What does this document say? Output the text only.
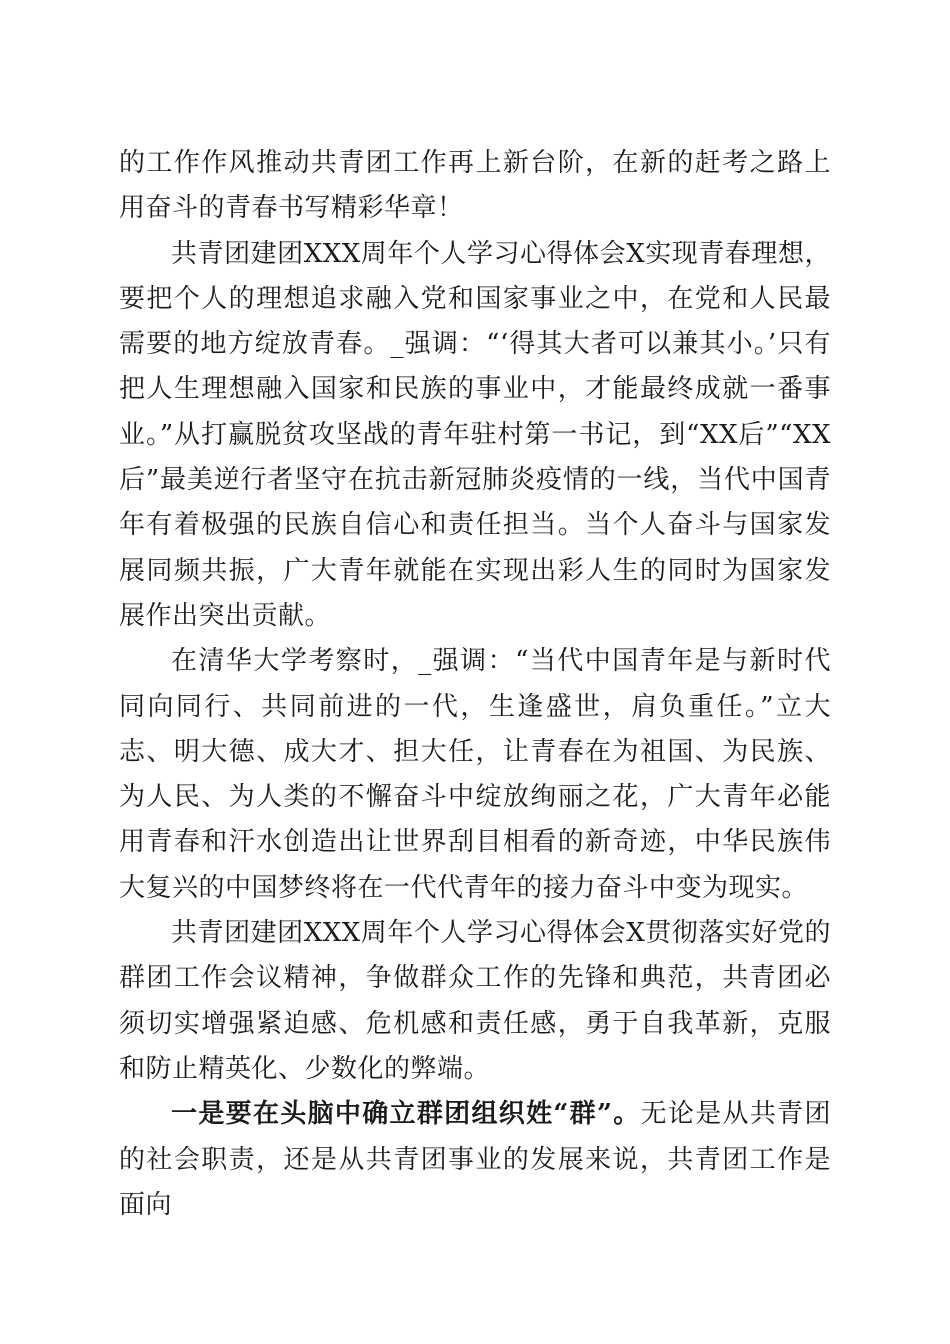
的工作作风推动共青团工作再上新台阶，在新的赶考之路上用奋斗的青春书写精彩华章！

共青团建团XXX周年个人学习心得体会X实现青春理想，要把个人的理想追求融入党和国家事业之中，在党和人民最需要的地方绽放青春。_强调：“‘得其大者可以兼其小。’只有把人生理想融入国家和民族的事业中，才能最终成就一番事业。”从打赢脱贫攻坚战的青年驻村第一书记，到“XX后”“XX后”最美逆行者坚守在抗击新冠肺炎疫情的一线，当代中国青年有着极强的民族自信心和责任担当。当个人奋斗与国家发展同频共振，广大青年就能在实现出彩人生的同时为国家发展作出突出贡献。

在清华大学考察时，_强调：“当代中国青年是与新时代同向同行、共同前进的一代，生逢盛世，肩负重任。”立大志、明大德、成大才、担大任，让青春在为祖国、为民族、为人民、为人类的不懈奋斗中绽放绚丽之花，广大青年必能用青春和汗水创造出让世界刮目相看的新奇迹，中华民族伟大复兴的中国梦终将在一代代青年的接力奋斗中变为现实。

共青团建团XXX周年个人学习心得体会X贯彻落实好党的群团工作会议精神，争做群众工作的先锋和典范，共青团必须切实增强紧迫感、危机感和责任感，勇于自我革新，克服和防止精英化、少数化的弊端。

一是要在头脑中确立群团组织姓“群”。无论是从共青团的社会职责，还是从共青团事业的发展来说，共青团工作是面向
